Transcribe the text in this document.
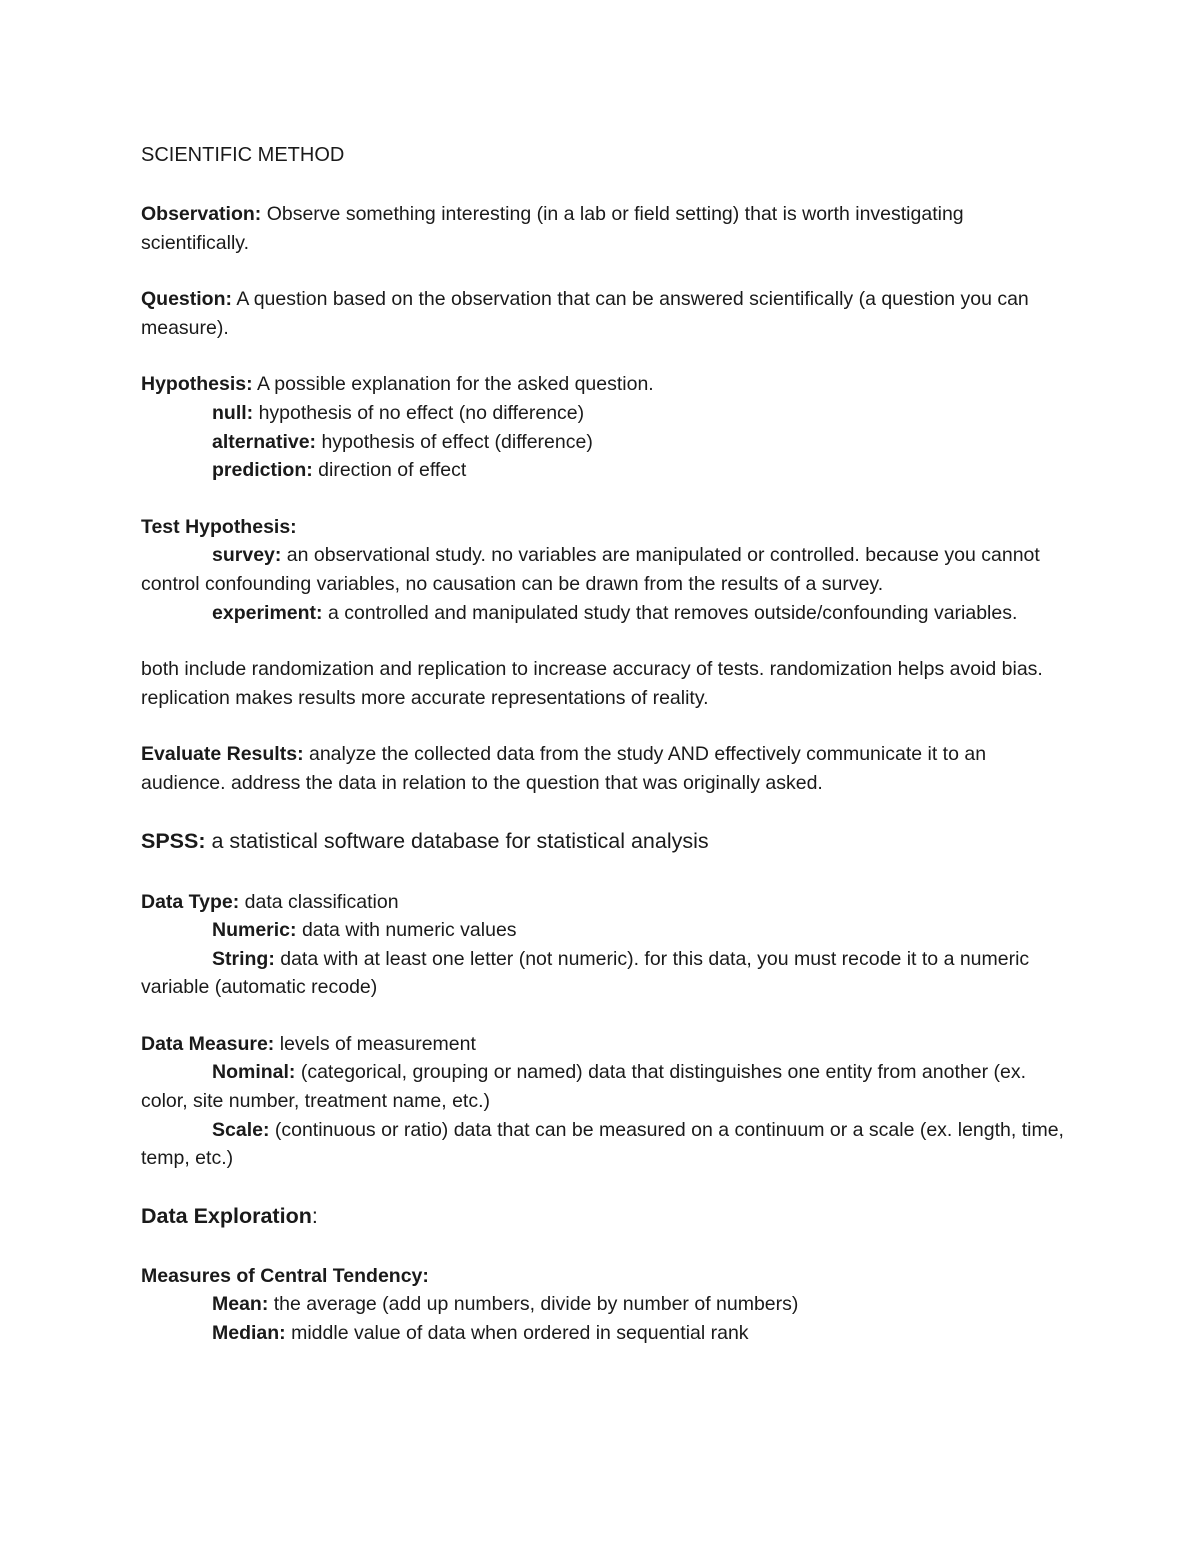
SCIENTIFIC METHOD

Observation: Observe something interesting (in a lab or field setting) that is worth investigating scientifically.

Question: A question based on the observation that can be answered scientifically (a question you can measure).

Hypothesis: A possible explanation for the asked question.

null: hypothesis of no effect (no difference)

alternative: hypothesis of effect (difference)

prediction: direction of effect

Test Hypothesis:

survey: an observational study. no variables are manipulated or controlled. because you cannot control confounding variables, no causation can be drawn from the results of a survey.

experiment: a controlled and manipulated study that removes outside/confounding variables.

both include randomization and replication to increase accuracy of tests. randomization helps avoid bias. replication makes results more accurate representations of reality.

Evaluate Results: analyze the collected data from the study AND effectively communicate it to an audience. address the data in relation to the question that was originally asked.

SPSS: a statistical software database for statistical analysis

Data Type: data classification

Numeric: data with numeric values

String: data with at least one letter (not numeric). for this data, you must recode it to a numeric variable (automatic recode)

Data Measure: levels of measurement

Nominal: (categorical, grouping or named) data that distinguishes one entity from another (ex. color, site number, treatment name, etc.)

Scale: (continuous or ratio) data that can be measured on a continuum or a scale (ex. length, time, temp, etc.)

Data Exploration:

Measures of Central Tendency:

Mean: the average (add up numbers, divide by number of numbers)

Median: middle value of data when ordered in sequential rank
